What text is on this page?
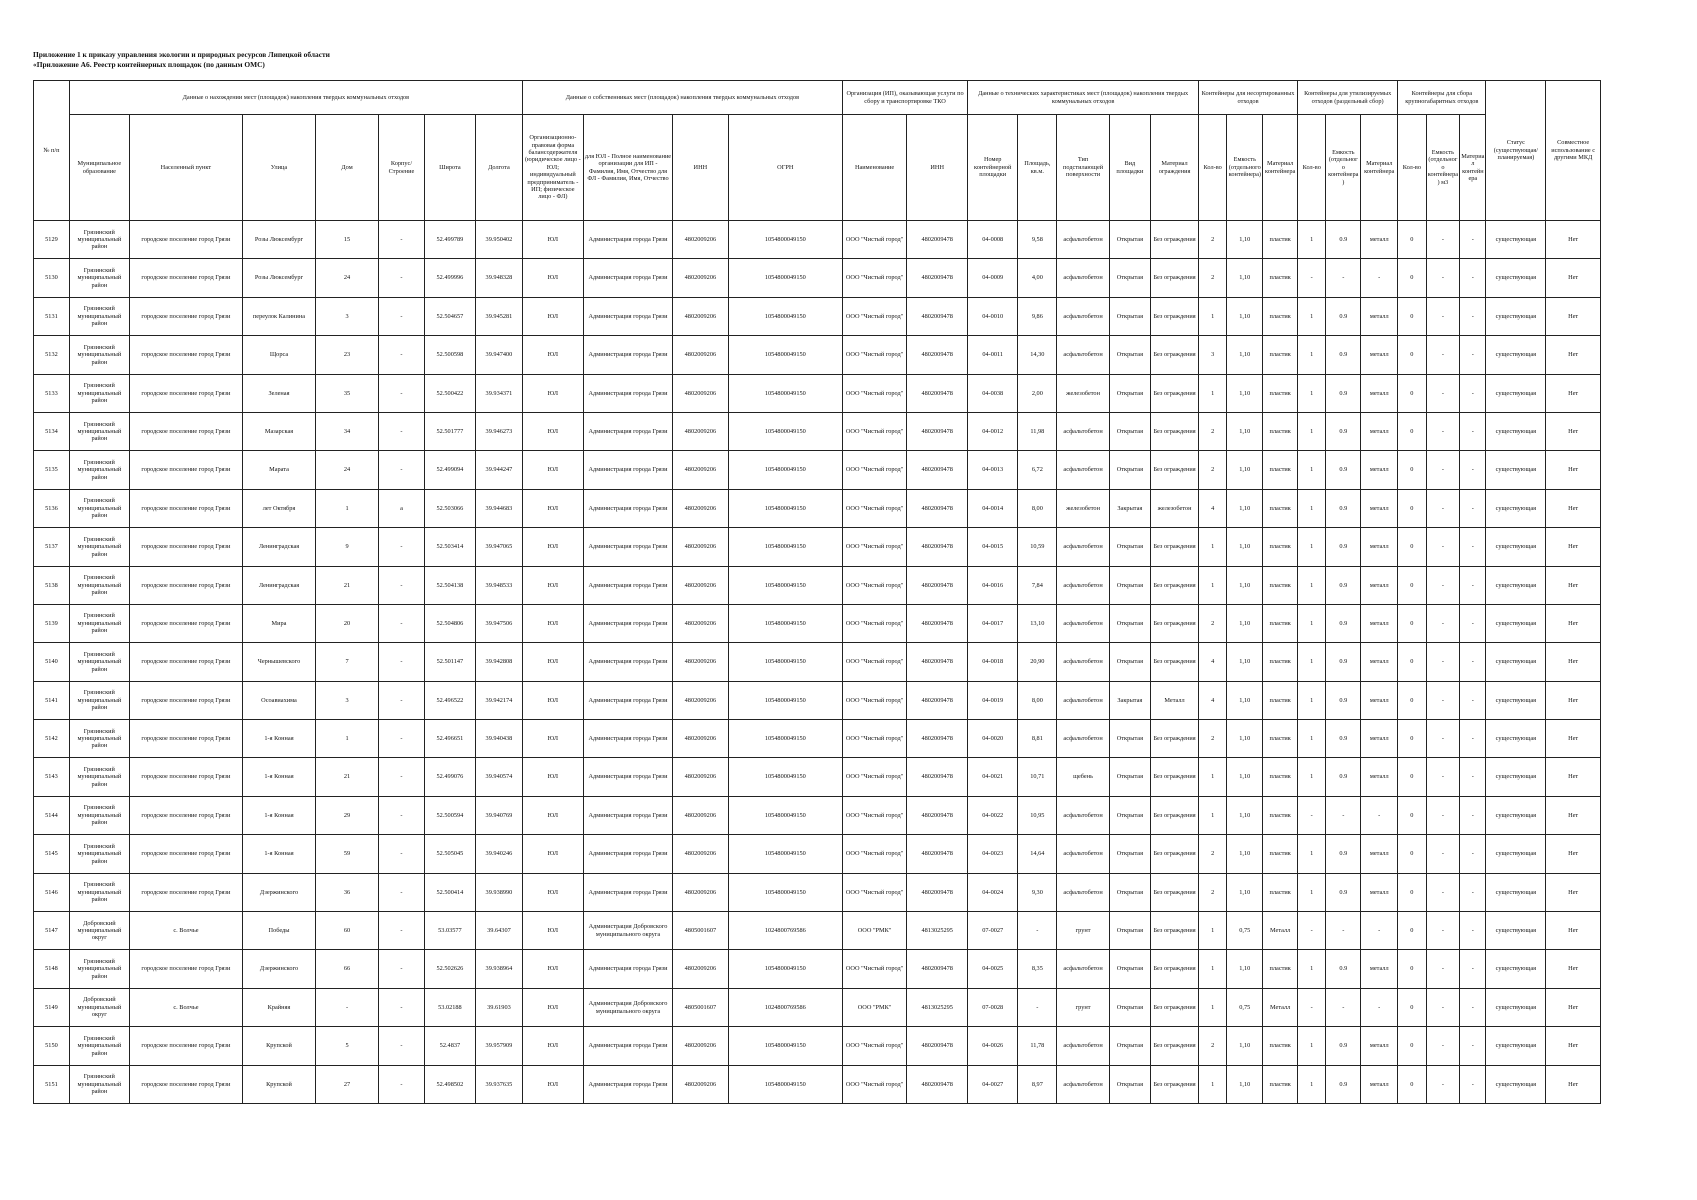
Приложение 1 к приказу управления экологии и природных ресурсов Липецкой области
«Приложение А6. Реестр контейнерных площадок (по данным ОМС)
№ п/п	Данные о нахождении мест (площадок) накопления твердых коммунальных отходов							Данные о собственниках мест (площадок) накопления твердых коммунальных отходов				Организация (ИП), оказывающая услуги по сбору и транспортировке ТКО		Данные о технических характеристиках мест (площадок) накопления твердых коммунальных отходов					Контейнеры для несортированных отходов			Контейнеры для утилизируемых отходов (раздельный сбор)			Контейнеры для сбора крупногабаритных отходов			Статус (существующая/планируемая)	Совместное использование с другими МКД
	Муниципальное образование	Населенный пункт	Улица	Дом	Корпус/Строение	Широта	Долгота	Организационно-правовая форма балансодержателя (юридическое лицо - ЮЛ; индивидуальный предприниматель - ИП; физическое лицо - ФЛ)	для ЮЛ - Полное наименование организации для ИП - Фамилия, Имя, Отчество для ФЛ - Фамилия, Имя, Отчество	ИНН	ОГРН	Наименование	ИНН	Номер контейнерной площадки	Площадь, кв.м.	Тип подстилающей поверхности	Вид площадки	Материал ограждения	Кол-во	Емкость (отдельного контейнера)	Материал контейнера	Кол-во	Емкость (отдельного контейнера)	Материал контейнера	Кол-во	Емкость (отдельного контейнера) м3	Материал контейнера		
5129	Грязинский муниципальный район	городское поселение город Грязи	Розы Люксембург	15	-	52.499789	39.950402	ЮЛ	Администрация города Грязи	4802009206	1054800049150	ООО "Чистый город"	4802009478	04-0008	9,58	асфальтобетон	Открытая	Без ограждения	2	1,10	пластик	1	0.9	металл	0	-	-	существующая	Нет
5130	Грязинский муниципальный район	городское поселение город Грязи	Розы Люксембург	24	-	52.499996	39.948328	ЮЛ	Администрация города Грязи	4802009206	1054800049150	ООО "Чистый город"	4802009478	04-0009	4,00	асфальтобетон	Открытая	Без ограждения	2	1,10	пластик	-	-	-	0	-	-	существующая	Нет
5131	Грязинский муниципальный район	городское поселение город Грязи	переулок Калинина	3	-	52.504657	39.945281	ЮЛ	Администрация города Грязи	4802009206	1054800049150	ООО "Чистый город"	4802009478	04-0010	9,86	асфальтобетон	Открытая	Без ограждения	1	1,10	пластик	1	0.9	металл	0	-	-	существующая	Нет
5132	Грязинский муниципальный район	городское поселение город Грязи	Щорса	23	-	52.500598	39.947400	ЮЛ	Администрация города Грязи	4802009206	1054800049150	ООО "Чистый город"	4802009478	04-0011	14,30	асфальтобетон	Открытая	Без ограждения	3	1,10	пластик	1	0.9	металл	0	-	-	существующая	Нет
5133	Грязинский муниципальный район	городское поселение город Грязи	Зеленая	35	-	52.500422	39.934371	ЮЛ	Администрация города Грязи	4802009206	1054800049150	ООО "Чистый город"	4802009478	04-0038	2,00	железобетон	Открытая	Без ограждения	1	1,10	пластик	1	0.9	металл	0	-	-	существующая	Нет
5134	Грязинский муниципальный район	городское поселение город Грязи	Мазарская	34	-	52.501777	39.946273	ЮЛ	Администрация города Грязи	4802009206	1054800049150	ООО "Чистый город"	4802009478	04-0012	11,98	асфальтобетон	Открытая	Без ограждения	2	1,10	пластик	1	0.9	металл	0	-	-	существующая	Нет
5135	Грязинский муниципальный район	городское поселение город Грязи	Марата	24	-	52.499094	39.944247	ЮЛ	Администрация города Грязи	4802009206	1054800049150	ООО "Чистый город"	4802009478	04-0013	6,72	асфальтобетон	Открытая	Без ограждения	2	1,10	пластик	1	0.9	металл	0	-	-	существующая	Нет
5136	Грязинский муниципальный район	городское поселение город Грязи	лет Октября	1	а	52.503066	39.944683	ЮЛ	Администрация города Грязи	4802009206	1054800049150	ООО "Чистый город"	4802009478	04-0014	8,00	железобетон	Закрытая	железобетон	4	1,10	пластик	1	0.9	металл	0	-	-	существующая	Нет
5137	Грязинский муниципальный район	городское поселение город Грязи	Ленинградская	9	-	52.503414	39.947065	ЮЛ	Администрация города Грязи	4802009206	1054800049150	ООО "Чистый город"	4802009478	04-0015	10,59	асфальтобетон	Открытая	Без ограждения	1	1,10	пластик	1	0.9	металл	0	-	-	существующая	Нет
5138	Грязинский муниципальный район	городское поселение город Грязи	Ленинградская	21	-	52.504138	39.948533	ЮЛ	Администрация города Грязи	4802009206	1054800049150	ООО "Чистый город"	4802009478	04-0016	7,84	асфальтобетон	Открытая	Без ограждения	1	1,10	пластик	1	0.9	металл	0	-	-	существующая	Нет
5139	Грязинский муниципальный район	городское поселение город Грязи	Мира	20	-	52.504806	39.947506	ЮЛ	Администрация города Грязи	4802009206	1054800049150	ООО "Чистый город"	4802009478	04-0017	13,10	асфальтобетон	Открытая	Без ограждения	2	1,10	пластик	1	0.9	металл	0	-	-	существующая	Нет
5140	Грязинский муниципальный район	городское поселение город Грязи	Чернышевского	7	-	52.501147	39.942808	ЮЛ	Администрация города Грязи	4802009206	1054800049150	ООО "Чистый город"	4802009478	04-0018	20,90	асфальтобетон	Открытая	Без ограждения	4	1,10	пластик	1	0.9	металл	0	-	-	существующая	Нет
5141	Грязинский муниципальный район	городское поселение город Грязи	Осоавиахима	3	-	52.496522	39.942174	ЮЛ	Администрация города Грязи	4802009206	1054800049150	ООО "Чистый город"	4802009478	04-0019	8,00	асфальтобетон	Закрытая	Металл	4	1,10	пластик	1	0.9	металл	0	-	-	существующая	Нет
5142	Грязинский муниципальный район	городское поселение город Грязи	1-я Конная	1	-	52.496651	39.940438	ЮЛ	Администрация города Грязи	4802009206	1054800049150	ООО "Чистый город"	4802009478	04-0020	8,81	асфальтобетон	Открытая	Без ограждения	2	1,10	пластик	1	0.9	металл	0	-	-	существующая	Нет
5143	Грязинский муниципальный район	городское поселение город Грязи	1-я Конная	21	-	52.499076	39.940574	ЮЛ	Администрация города Грязи	4802009206	1054800049150	ООО "Чистый город"	4802009478	04-0021	10,71	щебень	Открытая	Без ограждения	1	1,10	пластик	1	0.9	металл	0	-	-	существующая	Нет
5144	Грязинский муниципальный район	городское поселение город Грязи	1-я Конная	29	-	52.500594	39.940769	ЮЛ	Администрация города Грязи	4802009206	1054800049150	ООО "Чистый город"	4802009478	04-0022	10,95	асфальтобетон	Открытая	Без ограждения	1	1,10	пластик	-	-	-	0	-	-	существующая	Нет
5145	Грязинский муниципальный район	городское поселение город Грязи	1-я Конная	59	-	52.505045	39.940246	ЮЛ	Администрация города Грязи	4802009206	1054800049150	ООО "Чистый город"	4802009478	04-0023	14,64	асфальтобетон	Открытая	Без ограждения	2	1,10	пластик	1	0.9	металл	0	-	-	существующая	Нет
5146	Грязинский муниципальный район	городское поселение город Грязи	Дзержинского	36	-	52.500414	39.938990	ЮЛ	Администрация города Грязи	4802009206	1054800049150	ООО "Чистый город"	4802009478	04-0024	9,30	асфальтобетон	Открытая	Без ограждения	2	1,10	пластик	1	0.9	металл	0	-	-	существующая	Нет
5147	Добровский муниципальный округ	с. Волчье	Победы	60	-	53.03577	39.64307	ЮЛ	Администрация Добровского муниципального округа	4805001607	1024800769586	ООО "РМК"	4813025295	07-0027	-	грунт	Открытая	Без ограждения	1	0,75	Металл	-	-	-	0	-	-	существующая	Нет
5148	Грязинский муниципальный район	городское поселение город Грязи	Дзержинского	66	-	52.502626	39.938964	ЮЛ	Администрация города Грязи	4802009206	1054800049150	ООО "Чистый город"	4802009478	04-0025	8,35	асфальтобетон	Открытая	Без ограждения	1	1,10	пластик	1	0.9	металл	0	-	-	существующая	Нет
5149	Добровский муниципальный округ	с. Волчье	Крайняя	-	-	53.02188	39.61903	ЮЛ	Администрация Добровского муниципального округа	4805001607	1024800769586	ООО "РМК"	4813025295	07-0028	-	грунт	Открытая	Без ограждения	1	0,75	Металл	-	-	-	0	-	-	существующая	Нет
5150	Грязинский муниципальный район	городское поселение город Грязи	Крупской	5	-	52.4837	39.957909	ЮЛ	Администрация города Грязи	4802009206	1054800049150	ООО "Чистый город"	4802009478	04-0026	11,78	асфальтобетон	Открытая	Без ограждения	2	1,10	пластик	1	0.9	металл	0	-	-	существующая	Нет
5151	Грязинский муниципальный район	городское поселение город Грязи	Крупской	27	-	52.498502	39.937635	ЮЛ	Администрация города Грязи	4802009206	1054800049150	ООО "Чистый город"	4802009478	04-0027	8,97	асфальтобетон	Открытая	Без ограждения	1	1,10	пластик	1	0.9	металл	0	-	-	существующая	Нет
